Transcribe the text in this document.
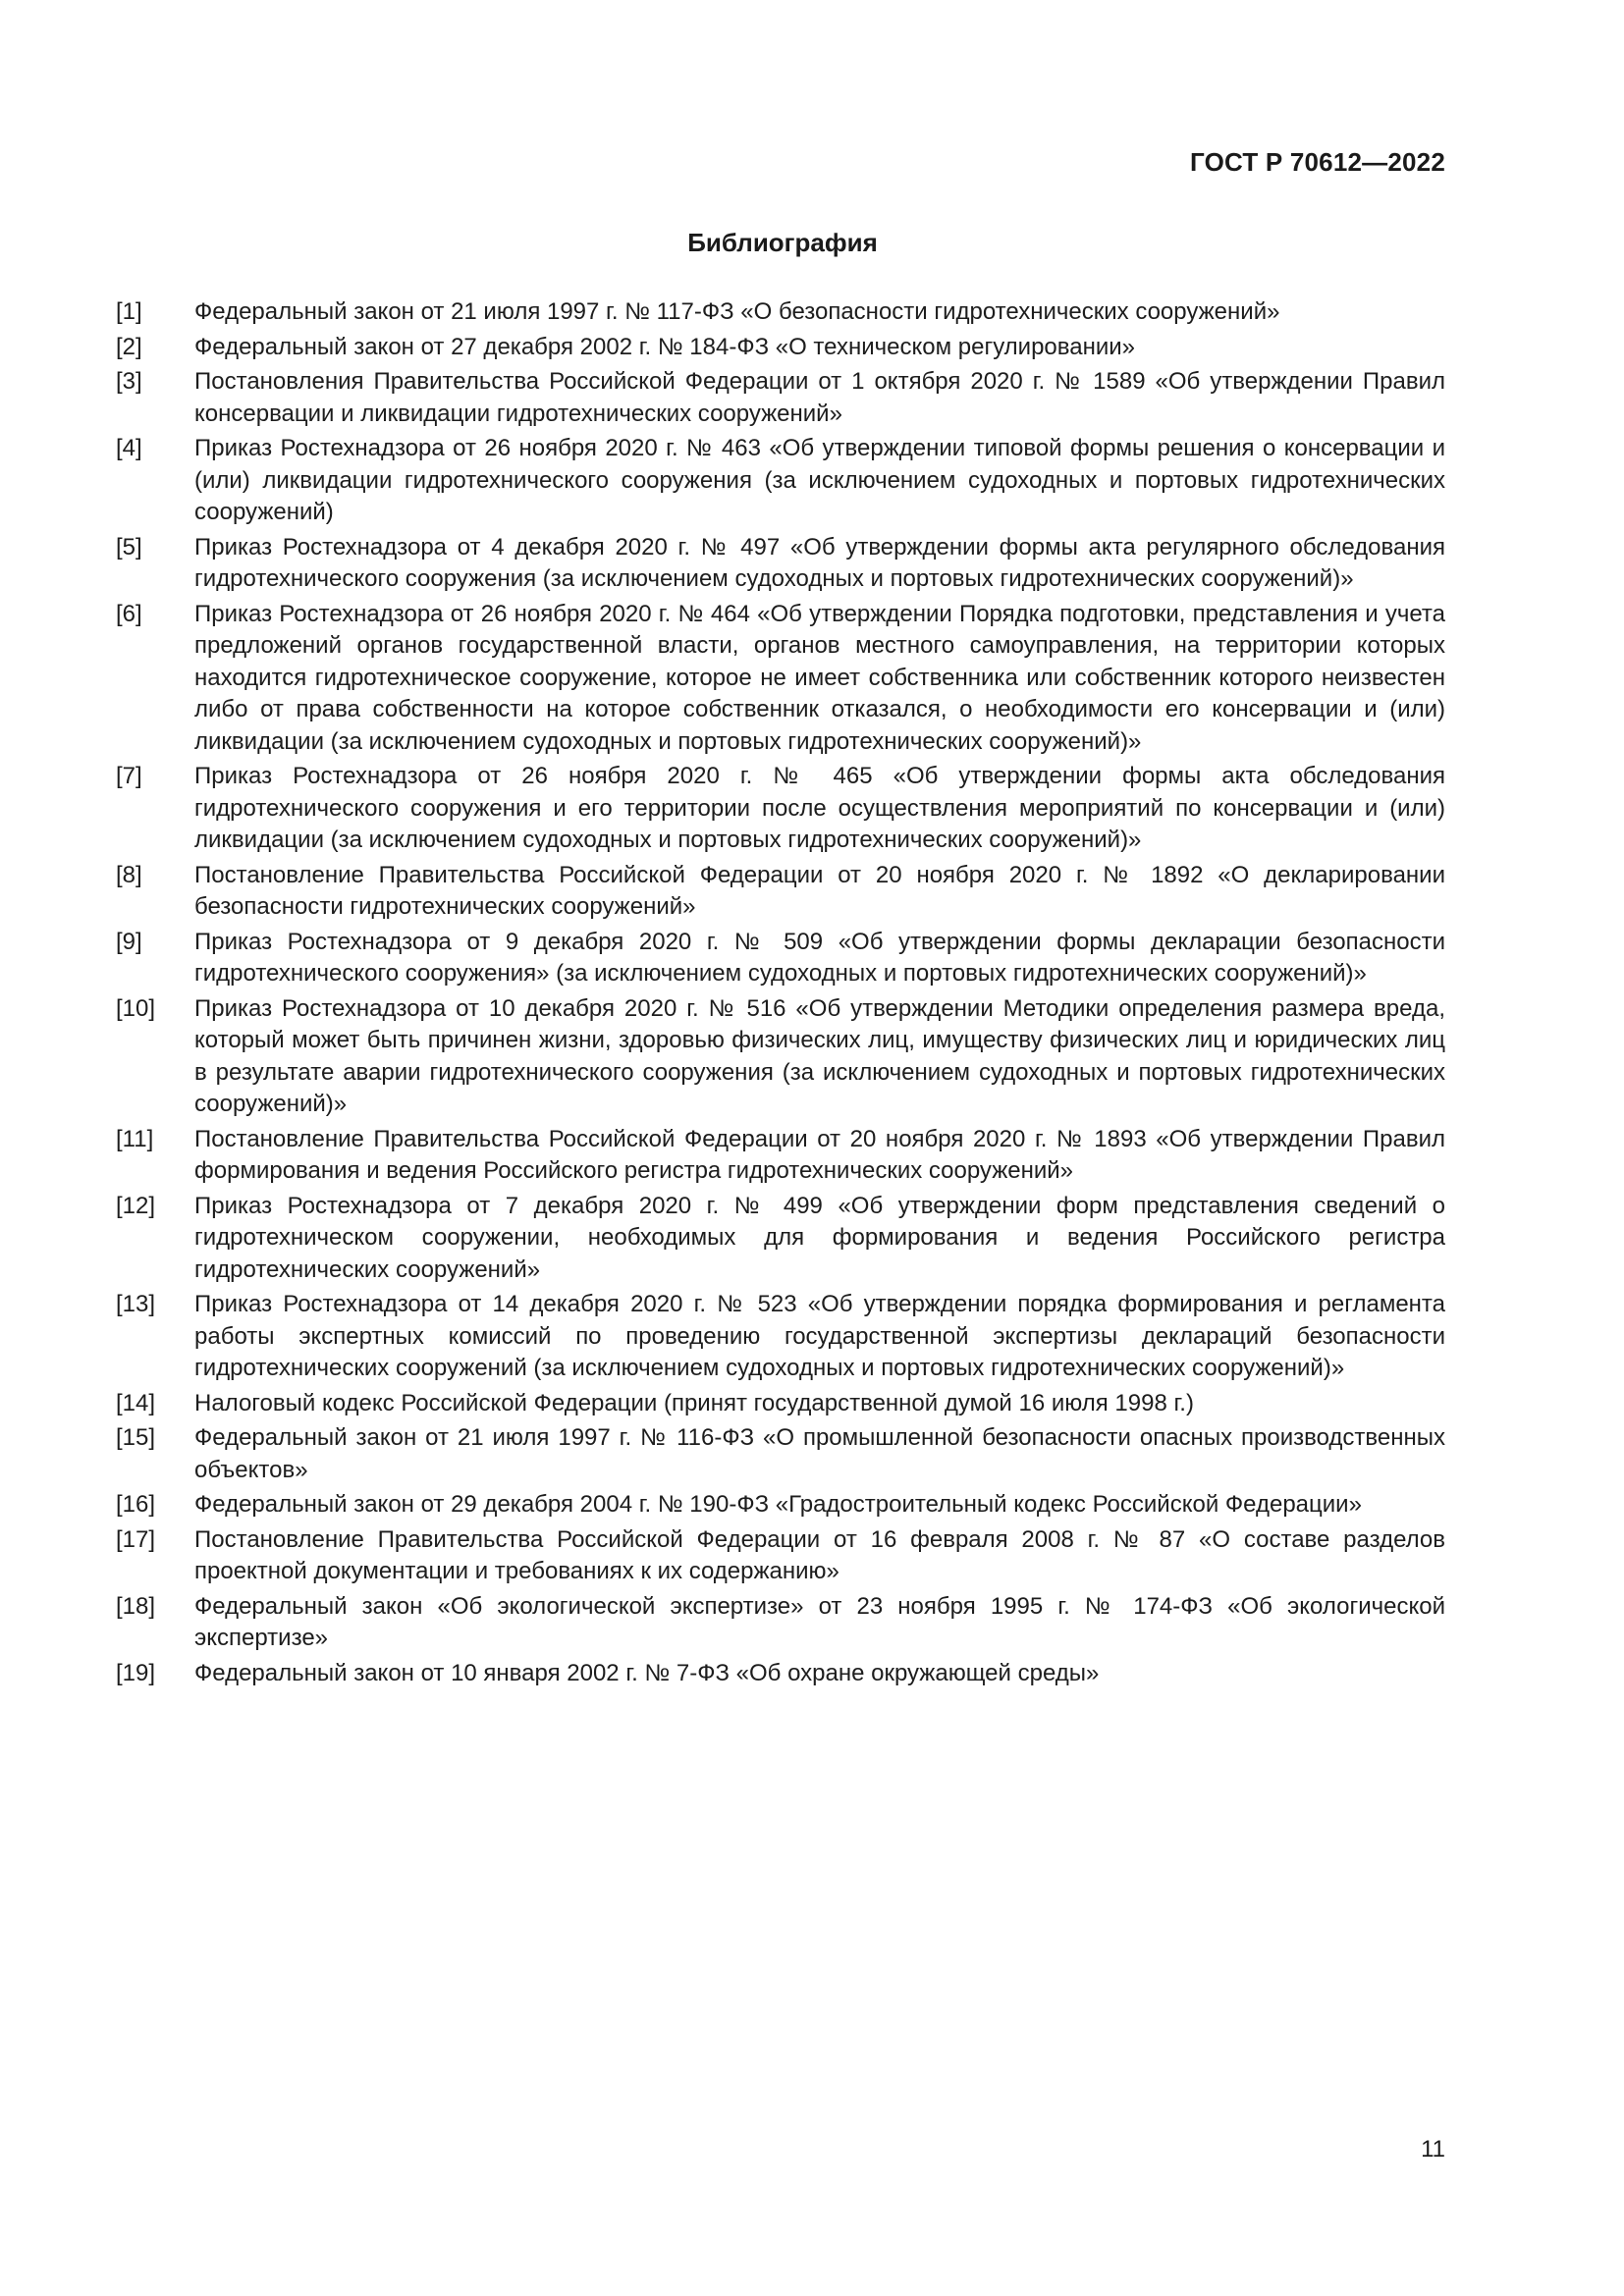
ГОСТ Р 70612—2022
Библиография
[1]	Федеральный закон от 21 июля 1997 г. № 117-ФЗ «О безопасности гидротехнических сооружений»
[2]	Федеральный закон от 27 декабря 2002 г. № 184-ФЗ «О техническом регулировании»
[3]	Постановления Правительства Российской Федерации от 1 октября 2020 г. № 1589 «Об утверждении Правил консервации и ликвидации гидротехнических сооружений»
[4]	Приказ Ростехнадзора от 26 ноября 2020 г. № 463 «Об утверждении типовой формы решения о консервации и (или) ликвидации гидротехнического сооружения (за исключением судоходных и портовых гидротехнических сооружений)
[5]	Приказ Ростехнадзора от 4 декабря 2020 г. № 497 «Об утверждении формы акта регулярного обследования гидротехнического сооружения (за исключением судоходных и портовых гидротехнических сооружений)»
[6]	Приказ Ростехнадзора от 26 ноября 2020 г. № 464 «Об утверждении Порядка подготовки, представления и учета предложений органов государственной власти, органов местного самоуправления, на территории которых находится гидротехническое сооружение, которое не имеет собственника или собственник которого неизвестен либо от права собственности на которое собственник отказался, о необходимости его консервации и (или) ликвидации (за исключением судоходных и портовых гидротехнических сооружений)»
[7]	Приказ Ростехнадзора от 26 ноября 2020 г. № 465 «Об утверждении формы акта обследования гидротехнического сооружения и его территории после осуществления мероприятий по консервации и (или) ликвидации (за исключением судоходных и портовых гидротехнических сооружений)»
[8]	Постановление Правительства Российской Федерации от 20 ноября 2020 г. № 1892 «О декларировании безопасности гидротехнических сооружений»
[9]	Приказ Ростехнадзора от 9 декабря 2020 г. № 509 «Об утверждении формы декларации безопасности гидротехнического сооружения» (за исключением судоходных и портовых гидротехнических сооружений)»
[10]	Приказ Ростехнадзора от 10 декабря 2020 г. № 516 «Об утверждении Методики определения размера вреда, который может быть причинен жизни, здоровью физических лиц, имуществу физических лиц и юридических лиц в результате аварии гидротехнического сооружения (за исключением судоходных и портовых гидротехнических сооружений)»
[11]	Постановление Правительства Российской Федерации от 20 ноября 2020 г. № 1893 «Об утверждении Правил формирования и ведения Российского регистра гидротехнических сооружений»
[12]	Приказ Ростехнадзора от 7 декабря 2020 г. № 499 «Об утверждении форм представления сведений о гидротехническом сооружении, необходимых для формирования и ведения Российского регистра гидротехнических сооружений»
[13]	Приказ Ростехнадзора от 14 декабря 2020 г. № 523 «Об утверждении порядка формирования и регламента работы экспертных комиссий по проведению государственной экспертизы деклараций безопасности гидротехнических сооружений (за исключением судоходных и портовых гидротехнических сооружений)»
[14]	Налоговый кодекс Российской Федерации (принят государственной думой 16 июля 1998 г.)
[15]	Федеральный закон от 21 июля 1997 г. № 116-ФЗ «О промышленной безопасности опасных производственных объектов»
[16]	Федеральный закон от 29 декабря 2004 г. № 190-ФЗ «Градостроительный кодекс Российской Федерации»
[17]	Постановление Правительства Российской Федерации от 16 февраля 2008 г. № 87 «О составе разделов проектной документации и требованиях к их содержанию»
[18]	Федеральный закон «Об экологической экспертизе» от 23 ноября 1995 г. № 174-ФЗ «Об экологической экспертизе»
[19]	Федеральный закон от 10 января 2002 г. № 7-ФЗ «Об охране окружающей среды»
11
